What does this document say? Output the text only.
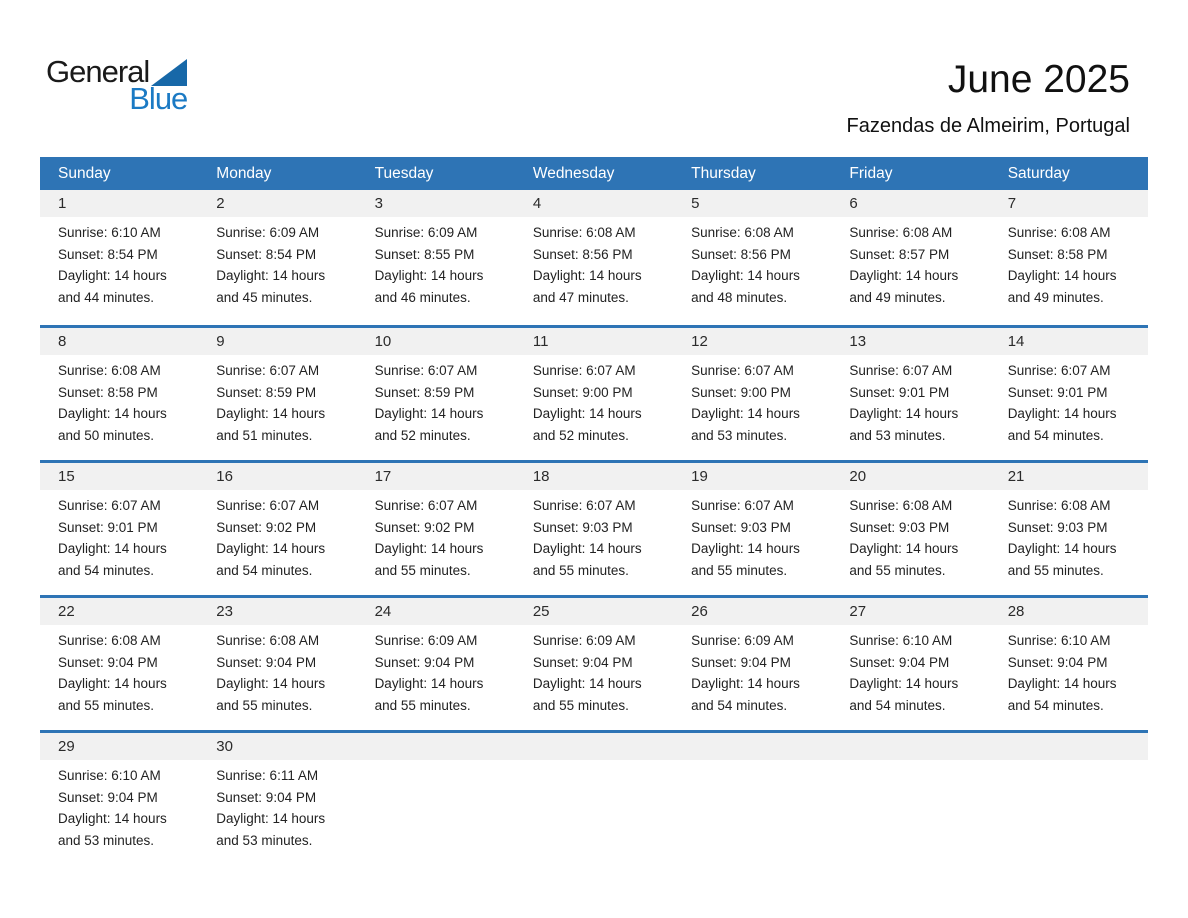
General
Blue	June 2025
Fazendas de Almeirim, Portugal
Sunday	Monday	Tuesday	Wednesday	Thursday	Friday	Saturday
1	2	3	4	5	6	7
Sunrise: 6:10 AM
Sunset: 8:54 PM
Daylight: 14 hours
and 44 minutes.
Sunrise: 6:09 AM
Sunset: 8:54 PM
Daylight: 14 hours
and 45 minutes.
Sunrise: 6:09 AM
Sunset: 8:55 PM
Daylight: 14 hours
and 46 minutes.
Sunrise: 6:08 AM
Sunset: 8:56 PM
Daylight: 14 hours
and 47 minutes.
Sunrise: 6:08 AM
Sunset: 8:56 PM
Daylight: 14 hours
and 48 minutes.
Sunrise: 6:08 AM
Sunset: 8:57 PM
Daylight: 14 hours
and 49 minutes.
Sunrise: 6:08 AM
Sunset: 8:58 PM
Daylight: 14 hours
and 49 minutes.
8	9	10	11	12	13	14
Sunrise: 6:08 AM
Sunset: 8:58 PM
Daylight: 14 hours
and 50 minutes.
Sunrise: 6:07 AM
Sunset: 8:59 PM
Daylight: 14 hours
and 51 minutes.
Sunrise: 6:07 AM
Sunset: 8:59 PM
Daylight: 14 hours
and 52 minutes.
Sunrise: 6:07 AM
Sunset: 9:00 PM
Daylight: 14 hours
and 52 minutes.
Sunrise: 6:07 AM
Sunset: 9:00 PM
Daylight: 14 hours
and 53 minutes.
Sunrise: 6:07 AM
Sunset: 9:01 PM
Daylight: 14 hours
and 53 minutes.
Sunrise: 6:07 AM
Sunset: 9:01 PM
Daylight: 14 hours
and 54 minutes.
15	16	17	18	19	20	21
Sunrise: 6:07 AM
Sunset: 9:01 PM
Daylight: 14 hours
and 54 minutes.
Sunrise: 6:07 AM
Sunset: 9:02 PM
Daylight: 14 hours
and 54 minutes.
Sunrise: 6:07 AM
Sunset: 9:02 PM
Daylight: 14 hours
and 55 minutes.
Sunrise: 6:07 AM
Sunset: 9:03 PM
Daylight: 14 hours
and 55 minutes.
Sunrise: 6:07 AM
Sunset: 9:03 PM
Daylight: 14 hours
and 55 minutes.
Sunrise: 6:08 AM
Sunset: 9:03 PM
Daylight: 14 hours
and 55 minutes.
Sunrise: 6:08 AM
Sunset: 9:03 PM
Daylight: 14 hours
and 55 minutes.
22	23	24	25	26	27	28
Sunrise: 6:08 AM
Sunset: 9:04 PM
Daylight: 14 hours
and 55 minutes.
Sunrise: 6:08 AM
Sunset: 9:04 PM
Daylight: 14 hours
and 55 minutes.
Sunrise: 6:09 AM
Sunset: 9:04 PM
Daylight: 14 hours
and 55 minutes.
Sunrise: 6:09 AM
Sunset: 9:04 PM
Daylight: 14 hours
and 55 minutes.
Sunrise: 6:09 AM
Sunset: 9:04 PM
Daylight: 14 hours
and 54 minutes.
Sunrise: 6:10 AM
Sunset: 9:04 PM
Daylight: 14 hours
and 54 minutes.
Sunrise: 6:10 AM
Sunset: 9:04 PM
Daylight: 14 hours
and 54 minutes.
29	30
Sunrise: 6:10 AM
Sunset: 9:04 PM
Daylight: 14 hours
and 53 minutes.
Sunrise: 6:11 AM
Sunset: 9:04 PM
Daylight: 14 hours
and 53 minutes.
